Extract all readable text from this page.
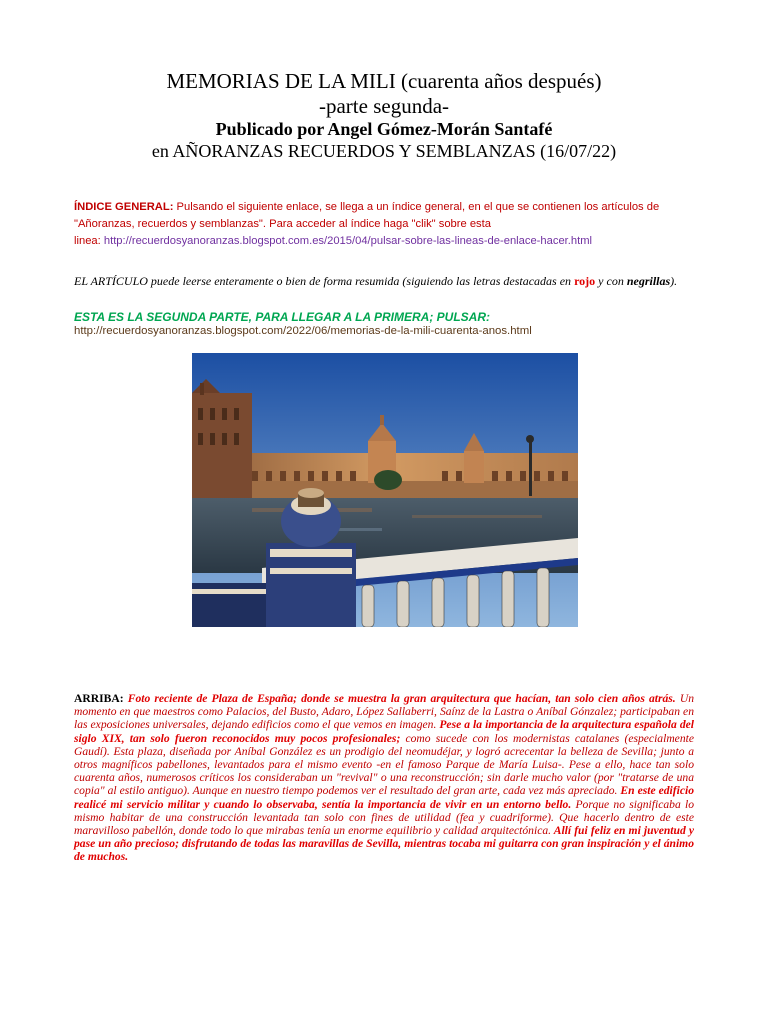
MEMORIAS DE LA MILI (cuarenta años después)
-parte segunda-
Publicado por Angel Gómez-Morán Santafé
en AÑORANZAS RECUERDOS Y SEMBLANZAS (16/07/22)
ÍNDICE GENERAL: Pulsando el siguiente enlace, se llega a un índice general, en el que se contienen los artículos de "Añoranzas, recuerdos y semblanzas". Para acceder al índice haga "clik" sobre esta
linea: http://recuerdosyanoranzas.blogspot.com.es/2015/04/pulsar-sobre-las-lineas-de-enlace-hacer.html
EL ARTÍCULO puede leerse enteramente o bien de forma resumida (siguiendo las letras destacadas en rojo y con negrillas).
ESTA ES LA SEGUNDA PARTE, PARA LLEGAR A LA PRIMERA; PULSAR:
http://recuerdosyanoranzas.blogspot.com/2022/06/memorias-de-la-mili-cuarenta-anos.html
ARRIBA: Foto reciente de Plaza de España; donde se muestra la gran arquitectura que hacían, tan solo cien años atrás. Un momento en que maestros como Palacios, del Busto, Adaro, López Sallaberri, Saínz de la Lastra o Aníbal Gónzalez; participaban en las exposiciones universales, dejando edificios como el que vemos en imagen. Pese a la importancia de la arquitectura española del siglo XIX, tan solo fueron reconocidos muy pocos profesionales; como sucede con los modernistas catalanes (especialmente Gaudí). Esta plaza, diseñada por Aníbal González es un prodigio del neomudéjar, y logró acrecentar la belleza de Sevilla; junto a otros magníficos pabellones, levantados para el mismo evento -en el famoso Parque de María Luisa-. Pese a ello, hace tan solo cuarenta años, numerosos críticos los consideraban un "revival" o una reconstrucción; sin darle mucho valor (por "tratarse de una copia" al estilo antiguo). Aunque en nuestro tiempo podemos ver el resultado del gran arte, cada vez más apreciado. En este edificio realicé mi servicio militar y cuando lo observaba, sentía la importancia de vivir en un entorno bello. Porque no significaba lo mismo habitar de una construcción levantada tan solo con fines de utilidad (fea y cuadriforme). Que hacerlo dentro de este maravilloso pabellón, donde todo lo que mirabas tenía un enorme equilibrio y calidad arquitectónica. Allí fui feliz en mi juventud y pase un año precioso; disfrutando de todas las maravillas de Sevilla, mientras tocaba mi guitarra con gran inspiración y el ánimo de muchos.
